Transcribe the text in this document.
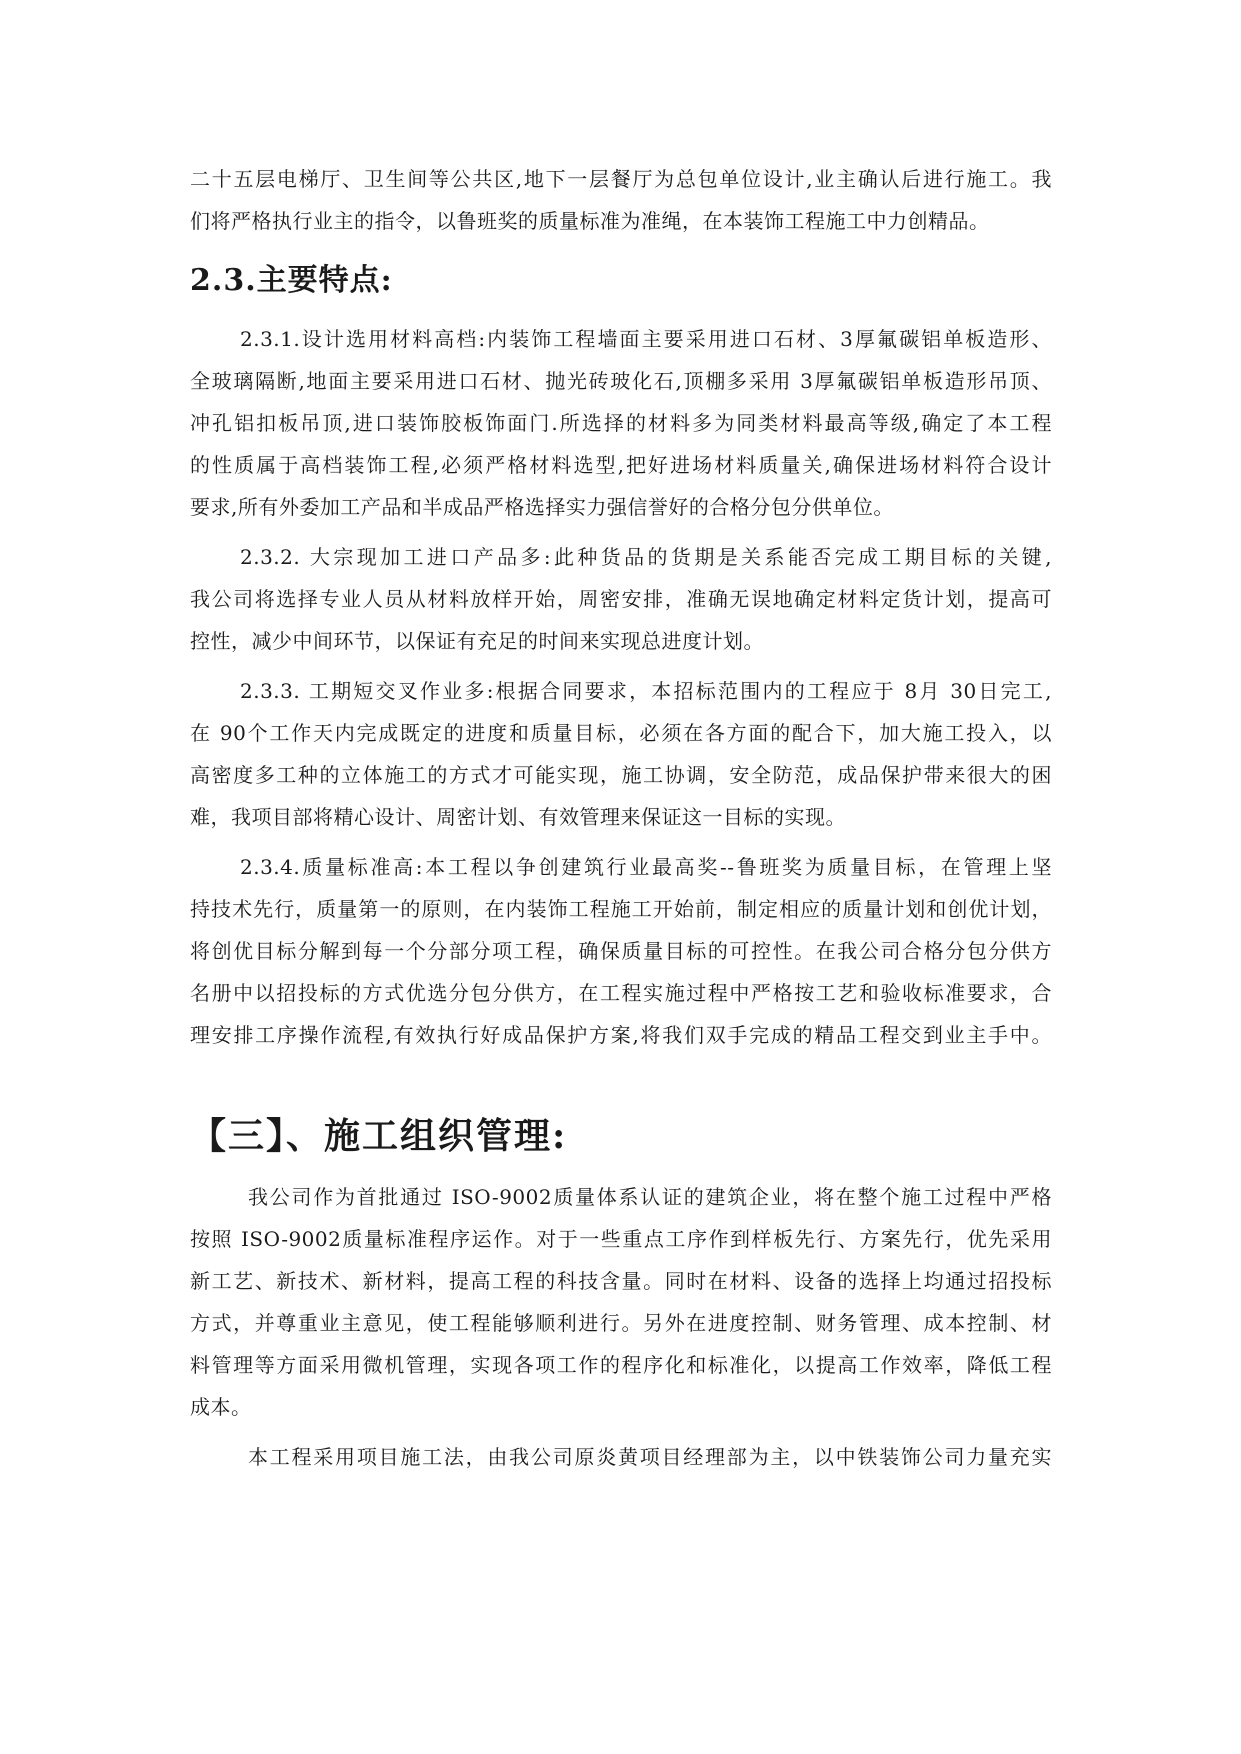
二十五层电梯厅、卫生间等公共区,地下一层餐厅为总包单位设计,业主确认后进行施工。我
们将严格执行业主的指令，以鲁班奖的质量标准为准绳，在本装饰工程施工中力创精品。
2.3.主要特点:
2.3.1.设计选用材料高档:内装饰工程墙面主要采用进口石材、3厚氟碳铝单板造形、
全玻璃隔断,地面主要采用进口石材、抛光砖玻化石,顶棚多采用 3厚氟碳铝单板造形吊顶、
冲孔铝扣板吊顶,进口装饰胶板饰面门.所选择的材料多为同类材料最高等级,确定了本工程
的性质属于高档装饰工程,必须严格材料选型,把好进场材料质量关,确保进场材料符合设计
要求,所有外委加工产品和半成品严格选择实力强信誉好的合格分包分供单位。
2.3.2. 大宗现加工进口产品多:此种货品的货期是关系能否完成工期目标的关键,
我公司将选择专业人员从材料放样开始，周密安排，准确无误地确定材料定货计划，提高可
控性，减少中间环节，以保证有充足的时间来实现总进度计划。
2.3.3. 工期短交叉作业多:根据合同要求，本招标范围内的工程应于 8月 30日完工,
在 90个工作天内完成既定的进度和质量目标，必须在各方面的配合下，加大施工投入，以
高密度多工种的立体施工的方式才可能实现，施工协调，安全防范，成品保护带来很大的困
难，我项目部将精心设计、周密计划、有效管理来保证这一目标的实现。
2.3.4.质量标准高:本工程以争创建筑行业最高奖--鲁班奖为质量目标，在管理上坚
持技术先行，质量第一的原则，在内装饰工程施工开始前，制定相应的质量计划和创优计划，
将创优目标分解到每一个分部分项工程，确保质量目标的可控性。在我公司合格分包分供方
名册中以招投标的方式优选分包分供方，在工程实施过程中严格按工艺和验收标准要求，合
理安排工序操作流程,有效执行好成品保护方案,将我们双手完成的精品工程交到业主手中。
【三】、施工组织管理:
我公司作为首批通过 ISO-9002质量体系认证的建筑企业，将在整个施工过程中严格
按照 ISO-9002质量标准程序运作。对于一些重点工序作到样板先行、方案先行，优先采用
新工艺、新技术、新材料，提高工程的科技含量。同时在材料、设备的选择上均通过招投标
方式，并尊重业主意见，使工程能够顺利进行。另外在进度控制、财务管理、成本控制、材
料管理等方面采用微机管理，实现各项工作的程序化和标准化，以提高工作效率，降低工程
成本。
本工程采用项目施工法，由我公司原炎黄项目经理部为主，以中铁装饰公司力量充实
